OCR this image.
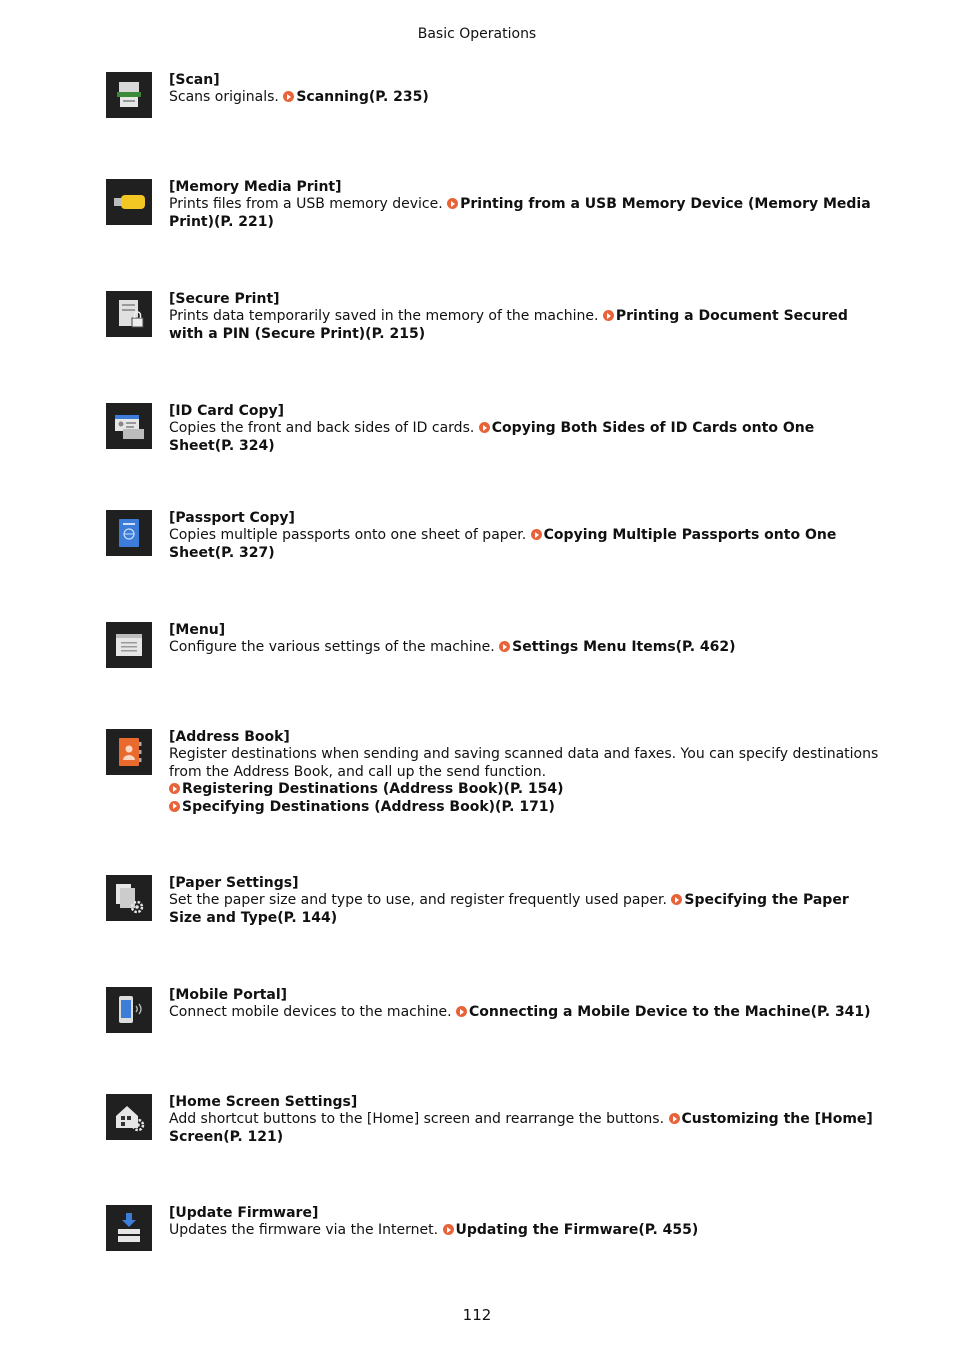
Basic Operations
[Scan]
Scans originals. Scanning(P. 235)
[Memory Media Print]
Prints files from a USB memory device. Printing from a USB Memory Device (Memory Media Print)(P. 221)
[Secure Print]
Prints data temporarily saved in the memory of the machine. Printing a Document Secured with a PIN (Secure Print)(P. 215)
[ID Card Copy]
Copies the front and back sides of ID cards. Copying Both Sides of ID Cards onto One Sheet(P. 324)
[Passport Copy]
Copies multiple passports onto one sheet of paper. Copying Multiple Passports onto One Sheet(P. 327)
[Menu]
Configure the various settings of the machine. Settings Menu Items(P. 462)
[Address Book]
Register destinations when sending and saving scanned data and faxes. You can specify destinations from the Address Book, and call up the send function.
Registering Destinations (Address Book)(P. 154)
Specifying Destinations (Address Book)(P. 171)
[Paper Settings]
Set the paper size and type to use, and register frequently used paper. Specifying the Paper Size and Type(P. 144)
[Mobile Portal]
Connect mobile devices to the machine. Connecting a Mobile Device to the Machine(P. 341)
[Home Screen Settings]
Add shortcut buttons to the [Home] screen and rearrange the buttons. Customizing the [Home] Screen(P. 121)
[Update Firmware]
Updates the firmware via the Internet. Updating the Firmware(P. 455)
112
